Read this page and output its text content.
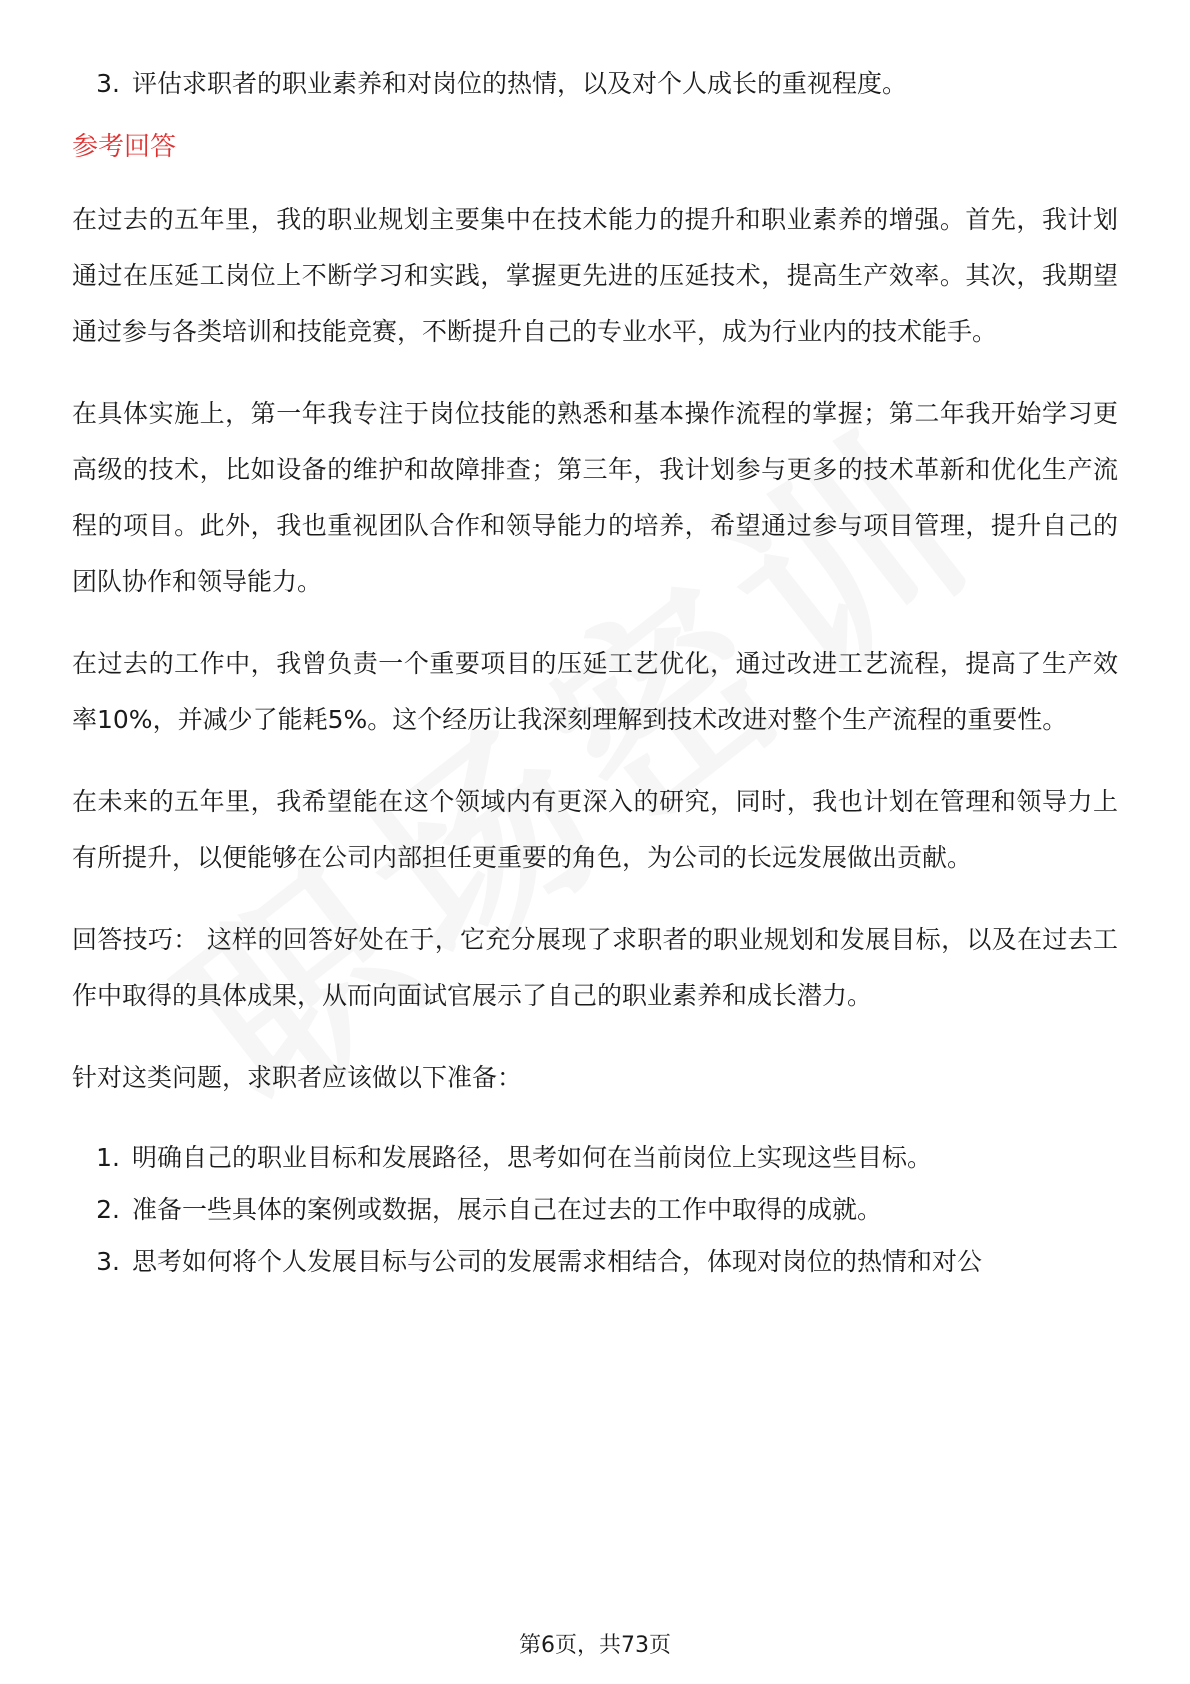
3. 评估求职者的职业素养和对岗位的热情，以及对个人成长的重视程度。
参考回答

在过去的五年里，我的职业规划主要集中在技术能力的提升和职业素养的增强。首先，我计划通过在压延工岗位上不断学习和实践，掌握更先进的压延技术，提高生产效率。其次，我期望通过参与各类培训和技能竞赛，不断提升自己的专业水平，成为行业内的技术能手。

在具体实施上，第一年我专注于岗位技能的熟悉和基本操作流程的掌握；第二年我开始学习更高级的技术，比如设备的维护和故障排查；第三年，我计划参与更多的技术革新和优化生产流程的项目。此外，我也重视团队合作和领导能力的培养，希望通过参与项目管理，提升自己的团队协作和领导能力。

在过去的工作中，我曾负责一个重要项目的压延工艺优化，通过改进工艺流程，提高了生产效率10%，并减少了能耗5%。这个经历让我深刻理解到技术改进对整个生产流程的重要性。

在未来的五年里，我希望能在这个领域内有更深入的研究，同时，我也计划在管理和领导力上有所提升，以便能够在公司内部担任更重要的角色，为公司的长远发展做出贡献。

回答技巧： 这样的回答好处在于，它充分展现了求职者的职业规划和发展目标，以及在过去工作中取得的具体成果，从而向面试官展示了自己的职业素养和成长潜力。

针对这类问题，求职者应该做以下准备：

1. 明确自己的职业目标和发展路径，思考如何在当前岗位上实现这些目标。
2. 准备一些具体的案例或数据，展示自己在过去的工作中取得的成就。
3. 思考如何将个人发展目标与公司的发展需求相结合，体现对岗位的热情和对公
第6页，共73页
